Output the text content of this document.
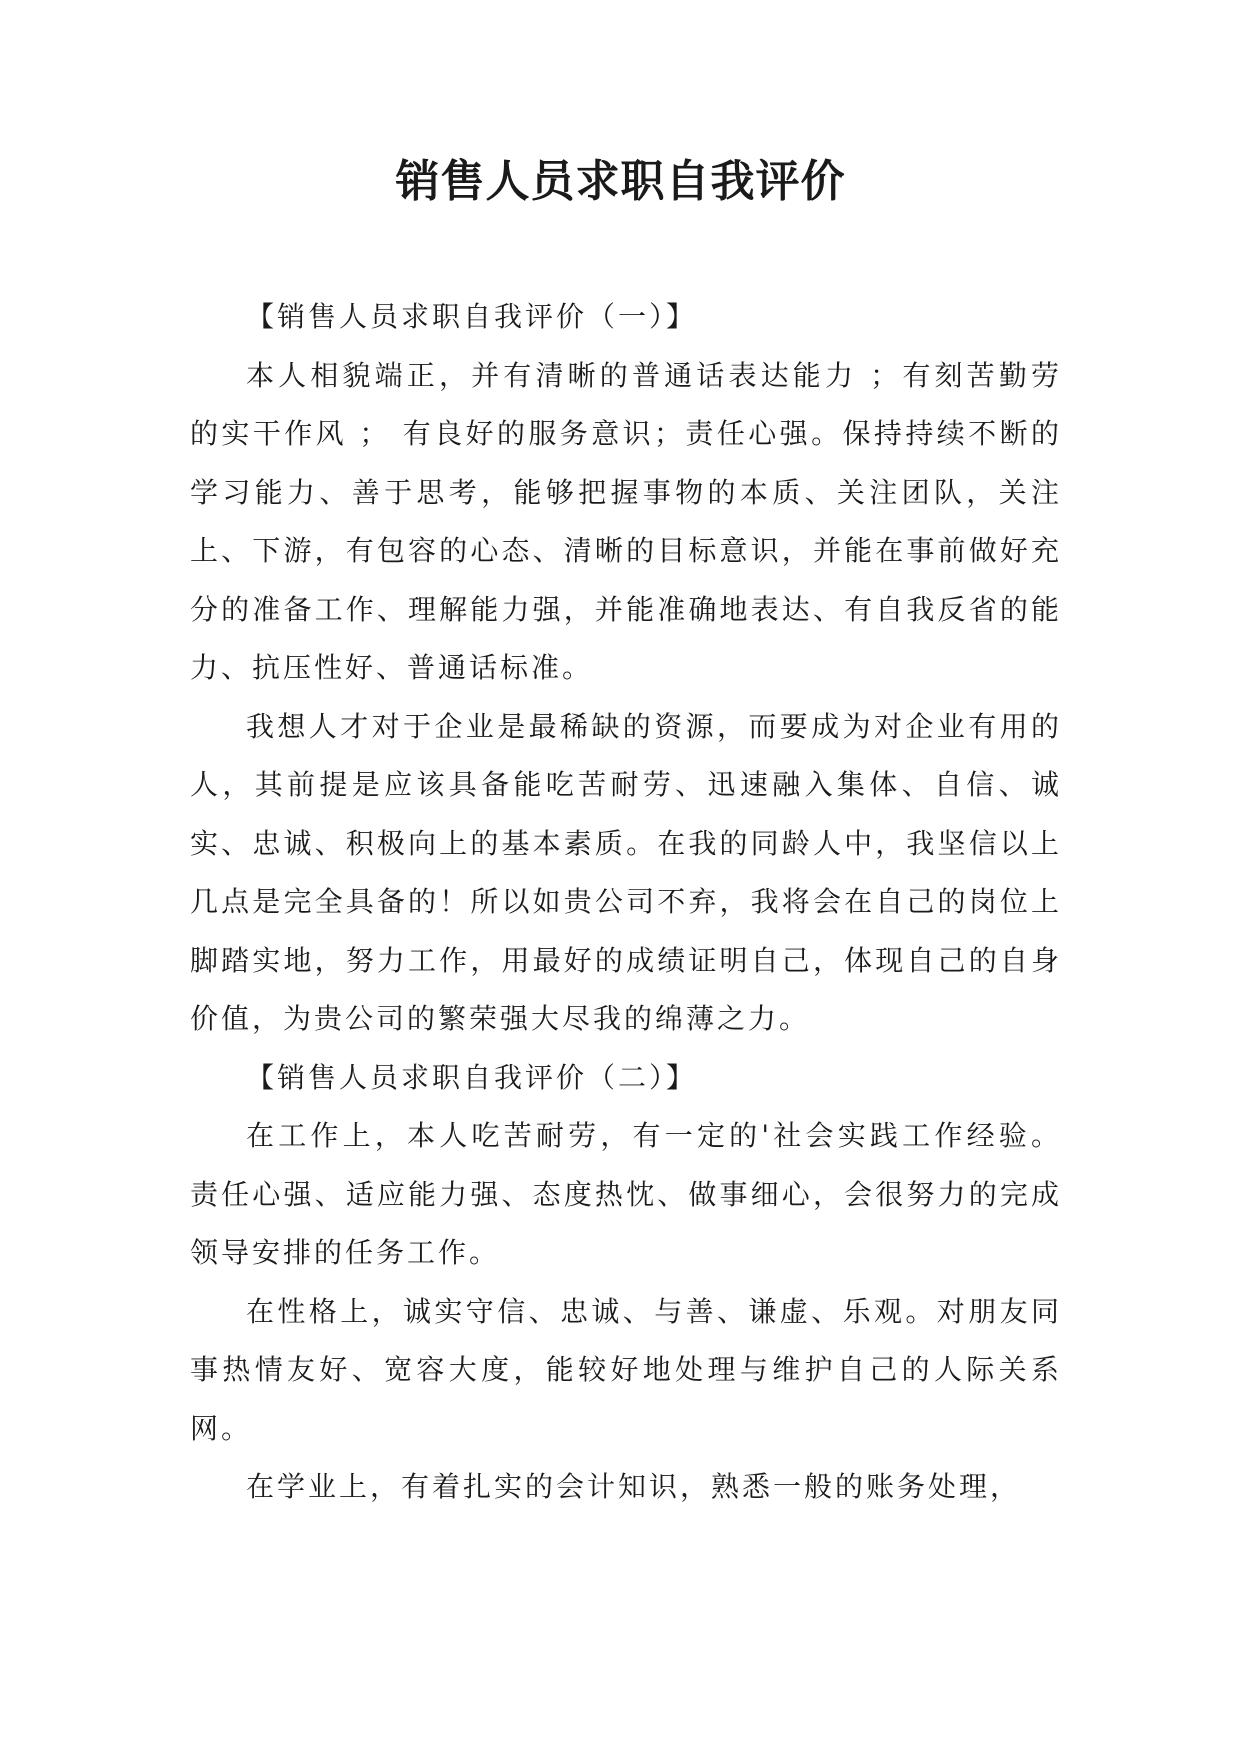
销售人员求职自我评价

【销售人员求职自我评价（一）】

本人相貌端正，并有清晰的普通话表达能力 ；有刻苦勤劳的实干作风 ； 有良好的服务意识；责任心强。保持持续不断的学习能力、善于思考，能够把握事物的本质、关注团队，关注上、下游，有包容的心态、清晰的目标意识，并能在事前做好充分的准备工作、理解能力强，并能准确地表达、有自我反省的能力、抗压性好、普通话标准。

我想人才对于企业是最稀缺的资源，而要成为对企业有用的人，其前提是应该具备能吃苦耐劳、迅速融入集体、自信、诚实、忠诚、积极向上的基本素质。在我的同龄人中，我坚信以上几点是完全具备的！所以如贵公司不弃，我将会在自己的岗位上脚踏实地，努力工作，用最好的成绩证明自己，体现自己的自身价值，为贵公司的繁荣强大尽我的绵薄之力。

【销售人员求职自我评价（二）】

在工作上，本人吃苦耐劳，有一定的'社会实践工作经验。责任心强、适应能力强、态度热忱、做事细心，会很努力的完成领导安排的任务工作。

在性格上，诚实守信、忠诚、与善、谦虚、乐观。对朋友同事热情友好、宽容大度，能较好地处理与维护自己的人际关系网。

在学业上，有着扎实的会计知识，熟悉一般的账务处理，
